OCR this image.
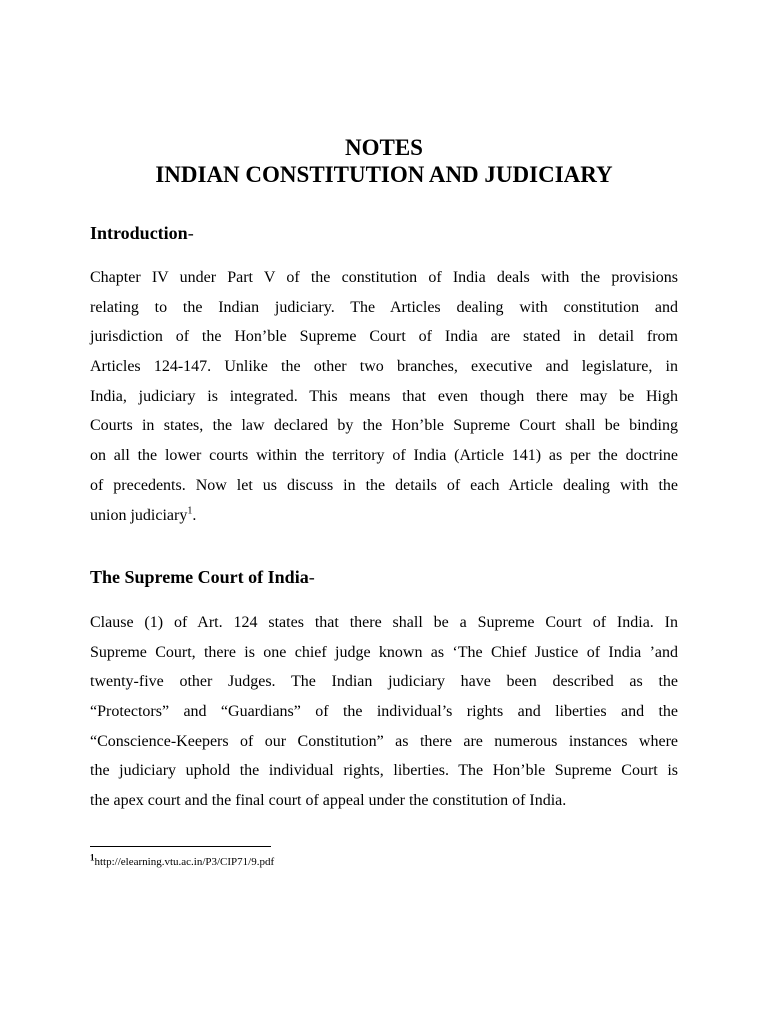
NOTES
INDIAN CONSTITUTION AND JUDICIARY
Introduction-
Chapter IV under Part V of the constitution of India deals with the provisions
relating to the Indian judiciary. The Articles dealing with constitution and
jurisdiction of the Hon’ble Supreme Court of India are stated in detail from
Articles 124-147. Unlike the other two branches, executive and legislature, in
India, judiciary is integrated. This means that even though there may be High
Courts in states, the law declared by the Hon’ble Supreme Court shall be binding
on all the lower courts within the territory of India (Article 141) as per the doctrine
of precedents. Now let us discuss in the details of each Article dealing with the
union judiciary$^1$.
The Supreme Court of India-
Clause (1) of Art. 124 states that there shall be a Supreme Court of India. In
Supreme Court, there is one chief judge known as ‘The Chief Justice of India ’and
twenty-five other Judges. The Indian judiciary have been described as the
“Protectors” and “Guardians” of the individual’s rights and liberties and the
“Conscience-Keepers of our Constitution” as there are numerous instances where
the judiciary uphold the individual rights, liberties. The Hon’ble Supreme Court is
the apex court and the final court of appeal under the constitution of India.
$^1$http://elearning.vtu.ac.in/P3/CIP71/9.pdf
